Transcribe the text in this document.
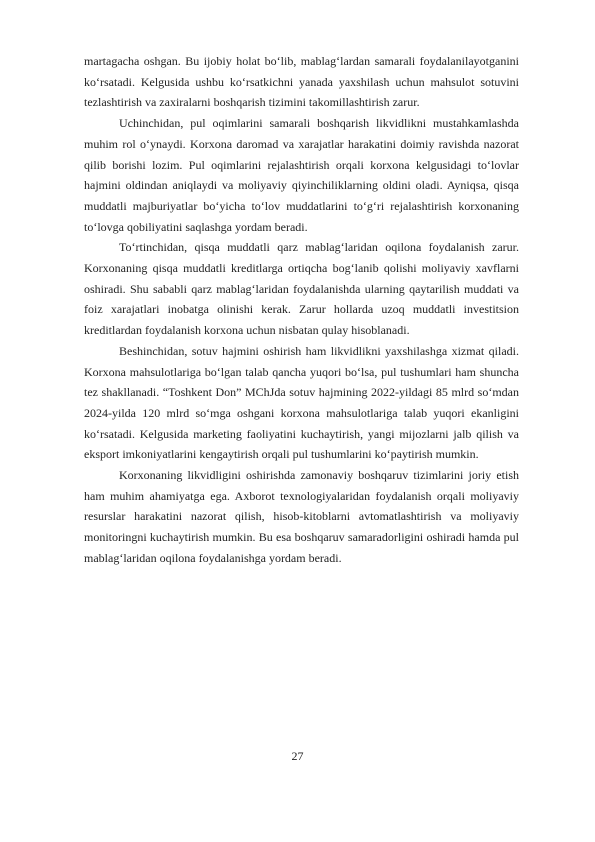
martagacha oshgan. Bu ijobiy holat bo‘lib, mablag‘lardan samarali foydalanilayotganini ko‘rsatadi. Kelgusida ushbu ko‘rsatkichni yanada yaxshilash uchun mahsulot sotuvini tezlashtirish va zaxiralarni boshqarish tizimini takomillashtirish zarur.

Uchinchidan, pul oqimlarini samarali boshqarish likvidlikni mustahkamlashda muhim rol o‘ynaydi. Korxona daromad va xarajatlar harakatini doimiy ravishda nazorat qilib borishi lozim. Pul oqimlarini rejalashtirish orqali korxona kelgusidagi to‘lovlar hajmini oldindan aniqlaydi va moliyaviy qiyinchiliklarning oldini oladi. Ayniqsa, qisqa muddatli majburiyatlar bo‘yicha to‘lov muddatlarini to‘g‘ri rejalashtirish korxonaning to‘lovga qobiliyatini saqlashga yordam beradi.

To‘rtinchidan, qisqa muddatli qarz mablag‘laridan oqilona foydalanish zarur. Korxonaning qisqa muddatli kreditlarga ortiqcha bog‘lanib qolishi moliyaviy xavflarni oshiradi. Shu sababli qarz mablag‘laridan foydalanishda ularning qaytarilish muddati va foiz xarajatlari inobatga olinishi kerak. Zarur hollarda uzoq muddatli investitsion kreditlardan foydalanish korxona uchun nisbatan qulay hisoblanadi.

Beshinchidan, sotuv hajmini oshirish ham likvidlikni yaxshilashga xizmat qiladi. Korxona mahsulotlariga bo‘lgan talab qancha yuqori bo‘lsa, pul tushumlari ham shuncha tez shakllanadi. “Toshkent Don” MChJda sotuv hajmining 2022-yildagi 85 mlrd so‘mdan 2024-yilda 120 mlrd so‘mga oshgani korxona mahsulotlariga talab yuqori ekanligini ko‘rsatadi. Kelgusida marketing faoliyatini kuchaytirish, yangi mijozlarni jalb qilish va eksport imkoniyatlarini kengaytirish orqali pul tushumlarini ko‘paytirish mumkin.

Korxonaning likvidligini oshirishda zamonaviy boshqaruv tizimlarini joriy etish ham muhim ahamiyatga ega. Axborot texnologiyalaridan foydalanish orqali moliyaviy resurslar harakatini nazorat qilish, hisob-kitoblarni avtomatlashtirish va moliyaviy monitoringni kuchaytirish mumkin. Bu esa boshqaruv samaradorligini oshiradi hamda pul mablag‘laridan oqilona foydalanishga yordam beradi.

27
